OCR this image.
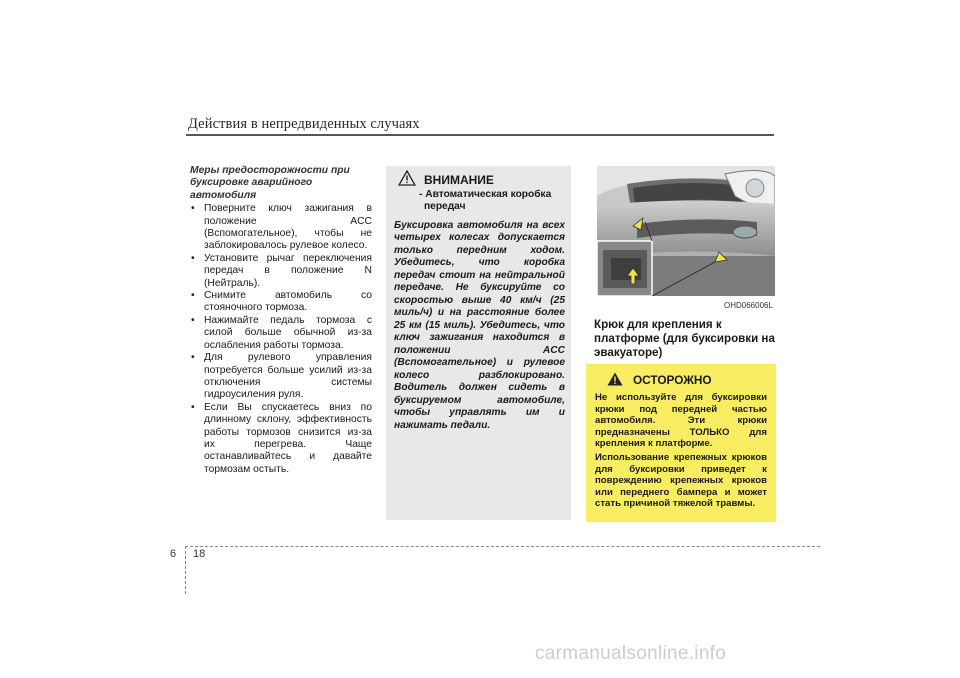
Действия в непредвиденных случаях
Меры предосторожности при буксировке аварийного автомобиля
• Поверните ключ зажигания в положение ACC (Вспомогательное), чтобы не заблокировалось рулевое колесо.
• Установите рычаг переключения передач в положение N (Нейтраль).
• Снимите автомобиль со стояночного тормоза.
• Нажимайте педаль тормоза с силой больше обычной из-за ослабления работы тормоза.
• Для рулевого управления потребуется больше усилий из-за отключения системы гидроусиления руля.
• Если Вы спускаетесь вниз по длинному склону, эффективность работы тормозов снизится из-за их перегрева. Чаще останавливайтесь и давайте тормозам остыть.
ВНИМАНИЕ
- Автоматическая коробка передач
Буксировка автомобиля на всех четырех колесах допускается только передним ходом. Убедитесь, что коробка передач стоит на нейтральной передаче. Не буксируйте со скоростью выше 40 км/ч (25 миль/ч) и на расстояние более 25 км (15 миль). Убедитесь, что ключ зажигания находится в положении ACC (Вспомогательное) и рулевое колесо разблокировано. Водитель должен сидеть в буксируемом автомобиле, чтобы управлять им и нажимать педали.
OHD066006L
Крюк для крепления к платформе (для буксировки на эвакуаторе)
ОСТОРОЖНО
Не используйте для буксировки крюки под передней частью автомобиля. Эти крюки предназначены ТОЛЬКО для крепления к платформе.
Использование крепежных крюков для буксировки приведет к повреждению крепежных крюков или переднего бампера и может стать причиной тяжелой травмы.
6 18
carmanualsonline.info
